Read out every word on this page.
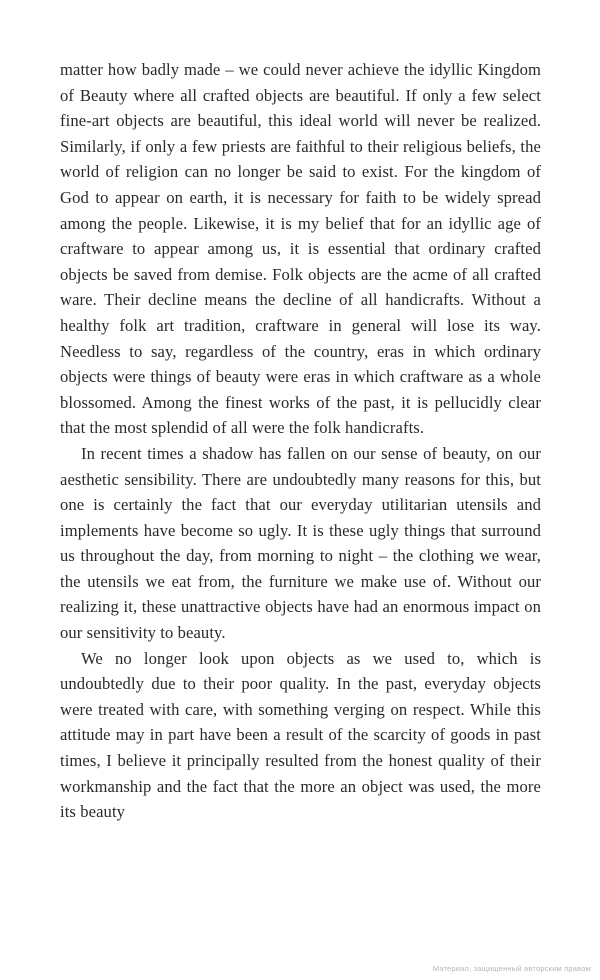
matter how badly made – we could never achieve the idyllic Kingdom of Beauty where all crafted objects are beautiful. If only a few select fine-art objects are beautiful, this ideal world will never be realized. Similarly, if only a few priests are faithful to their religious beliefs, the world of religion can no longer be said to exist. For the kingdom of God to appear on earth, it is necessary for faith to be widely spread among the people. Likewise, it is my belief that for an idyllic age of craftware to appear among us, it is essential that ordinary crafted objects be saved from demise. Folk objects are the acme of all crafted ware. Their decline means the decline of all handicrafts. Without a healthy folk art tradition, craftware in general will lose its way. Needless to say, regardless of the country, eras in which ordinary objects were things of beauty were eras in which craftware as a whole blossomed. Among the finest works of the past, it is pellucidly clear that the most splendid of all were the folk handicrafts.

In recent times a shadow has fallen on our sense of beauty, on our aesthetic sensibility. There are undoubtedly many reasons for this, but one is certainly the fact that our everyday utilitarian utensils and implements have become so ugly. It is these ugly things that surround us throughout the day, from morning to night – the clothing we wear, the utensils we eat from, the furniture we make use of. Without our realizing it, these unattractive objects have had an enormous impact on our sensitivity to beauty.

We no longer look upon objects as we used to, which is undoubtedly due to their poor quality. In the past, everyday objects were treated with care, with something verging on respect. While this attitude may in part have been a result of the scarcity of goods in past times, I believe it principally resulted from the honest quality of their workmanship and the fact that the more an object was used, the more its beauty

Материал, защищенный авторским правом
